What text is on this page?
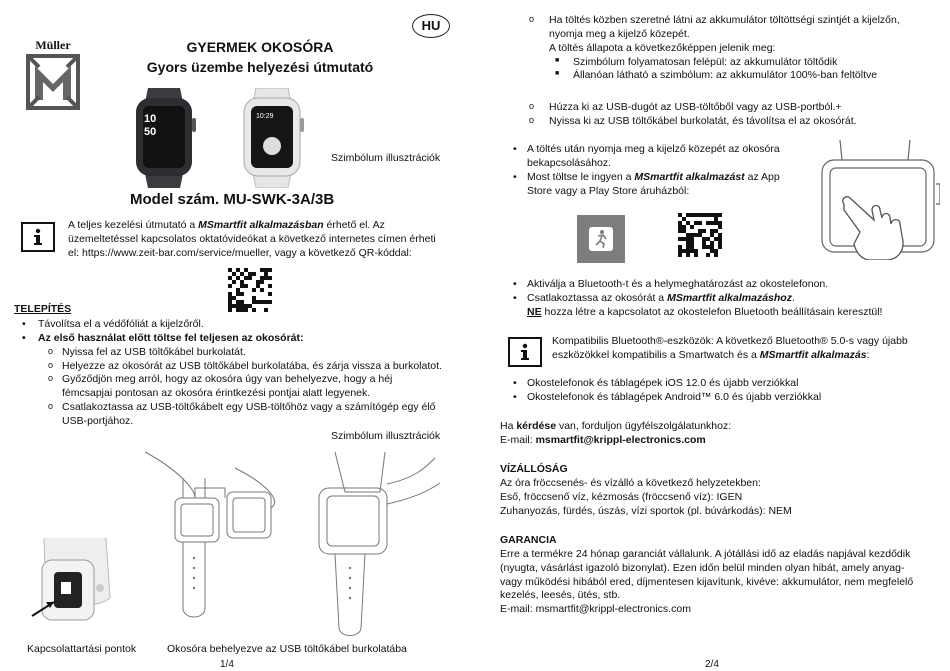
HU
Müller	GYERMEK OKOSÓRA
Gyors üzembe helyezési útmutató
10
50
10:29
Szimbólum illusztrációk
Model szám. MU-SWK-3A/3B
A teljes kezelési útmutató a MSmartfit alkalmazásban érhető el. Az
üzemeltetéssel kapcsolatos oktatóvideókat a következő internetes címen érheti
el: https://www.zeit-bar.com/service/mueller, vagy a következő QR-kóddal:
TELEPÍTÉS
• Távolítsa el a védőfóliát a kijelzőről.
• Az első használat előtt töltse fel teljesen az okosórát:
o Nyissa fel az USB töltőkábel burkolatát.
o Helyezze az okosórát az USB töltőkábel burkolatába, és zárja vissza a burkolatot.
o Győződjön meg arról, hogy az okosóra úgy van behelyezve, hogy a héj

fémcsapjai pontosan az okosóra érintkezési pontjai alatt legyenek.
o Csatlakoztassa az USB-töltőkábelt egy USB-töltőhöz vagy a számítógép egy élő
USB-portjához.
Szimbólum illusztrációk
Kapcsolattartási pontok	Okosóra behelyezve az USB töltőkábel burkolatába
1/4
o Ha töltés közben szeretné látni az akkumulátor töltöttségi szintjét a kijelzőn,
nyomja meg a kijelző közepét.
A töltés állapota a következőképpen jelenik meg:
■ Szimbólum folyamatosan felépül: az akkumulátor töltődik
■ Állanóan látható a szimbólum: az akkumulátor 100%-ban feltöltve
o Húzza ki az USB-dugót az USB-töltőből vagy az USB-portból.+
o Nyissa ki az USB töltőkábel burkolatát, és távolítsa el az okosórát.
• A töltés után nyomja meg a kijelző közepét az okosóra
bekapcsolásához.
• Most töltse le ingyen a MSmartfit alkalmazást az App
Store vagy a Play Store áruházból:
• Aktiválja a Bluetooth-t és a helymeghatározást az okostelefonon.
• Csatlakoztassa az okosórát a MSmartfit alkalmazáshoz.
NE hozza létre a kapcsolatot az okostelefon Bluetooth beállításain keresztül!
Kompatibilis Bluetooth®-eszközök: A következő Bluetooth® 5.0-s vagy újabb
eszközökkel kompatibilis a Smartwatch és a MSmartfit alkalmazás:
• Okostelefonok és táblagépek iOS 12.0 és újabb verziókkal
• Okostelefonok és táblagépek Android™ 6.0 és újabb verziókkal
Ha kérdése van, forduljon ügyfélszolgálatunkhoz:
E-mail: msmartfit@krippl-electronics.com
VÍZÁLLÓSÁG
Az óra fröccsenés- és vízálló a következő helyzetekben:
Eső, fröccsenő víz, kézmosás (fröccsenő víz): IGEN
Zuhanyozás, fürdés, úszás, vízi sportok (pl. búvárkodás): NEM
GARANCIA
Erre a termékre 24 hónap garanciát vállalunk. A jótállási idő az eladás napjával kezdődik
(nyugta, vásárlást igazoló bizonylat). Ezen időn belül minden olyan hibát, amely anyag-
vagy működési hibából ered, díjmentesen kijavítunk, kivéve: akkumulátor, nem megfelelő
kezelés, leesés, ütés, stb.
E-mail: msmartfit@krippl-electronics.com
2/4
